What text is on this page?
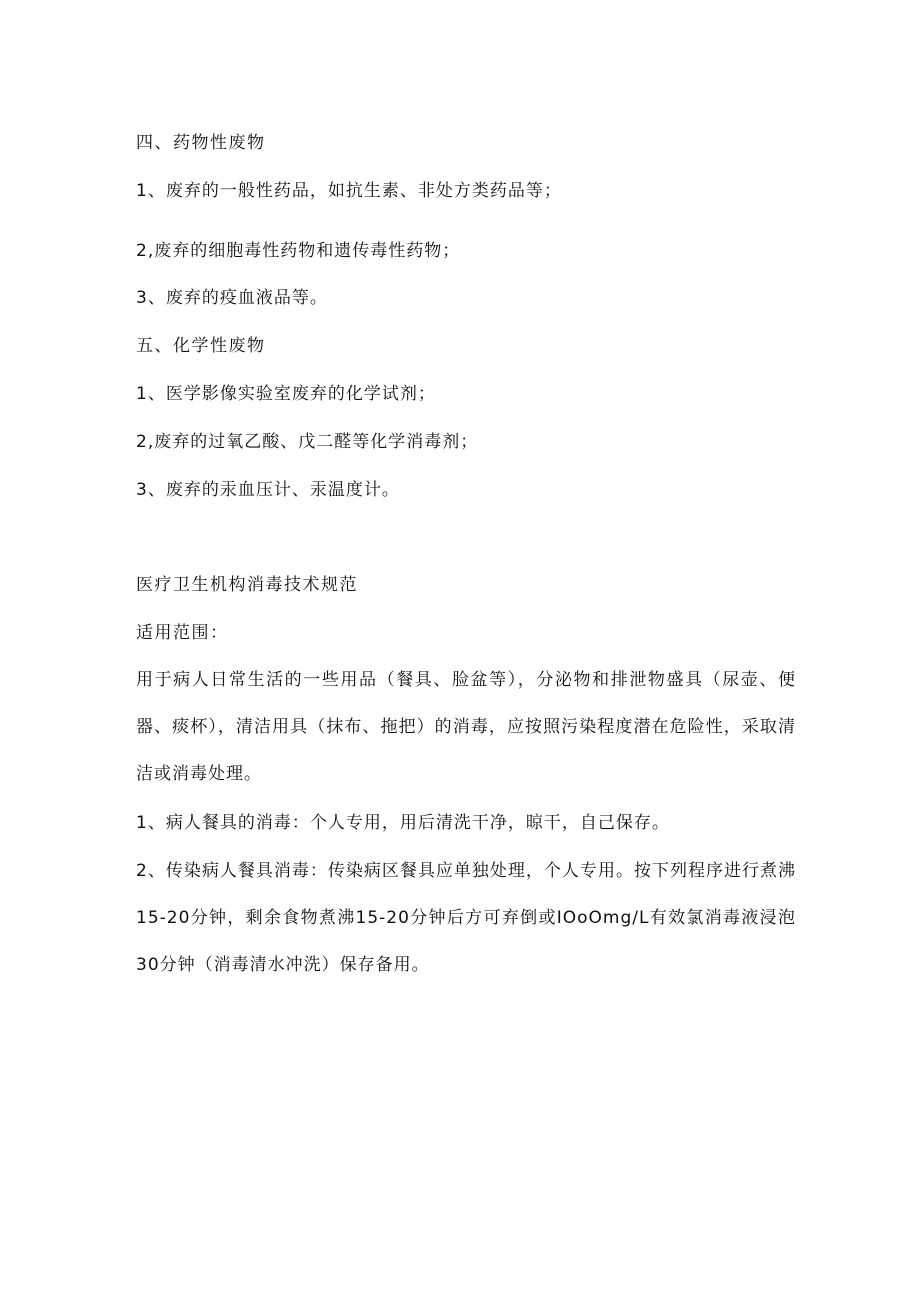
四、药物性废物
1、废弃的一般性药品，如抗生素、非处方类药品等；
2,废弃的细胞毒性药物和遗传毒性药物；
3、废弃的疫血液品等。
五、化学性废物
1、医学影像实验室废弃的化学试剂；
2,废弃的过氧乙酸、戊二醛等化学消毒剂；
3、废弃的汞血压计、汞温度计。
医疗卫生机构消毒技术规范
适用范围：
用于病人日常生活的一些用品（餐具、脸盆等），分泌物和排泄物盛具（尿壶、便器、痰杯），清洁用具（抹布、拖把）的消毒，应按照污染程度潜在危险性，采取清洁或消毒处理。
1、病人餐具的消毒：个人专用，用后清洗干净，晾干，自己保存。
2、传染病人餐具消毒：传染病区餐具应单独处理，个人专用。按下列程序进行煮沸15-20分钟，剩余食物煮沸15-20分钟后方可弃倒或IOoOmg/L有效氯消毒液浸泡30分钟（消毒清水冲洗）保存备用。
